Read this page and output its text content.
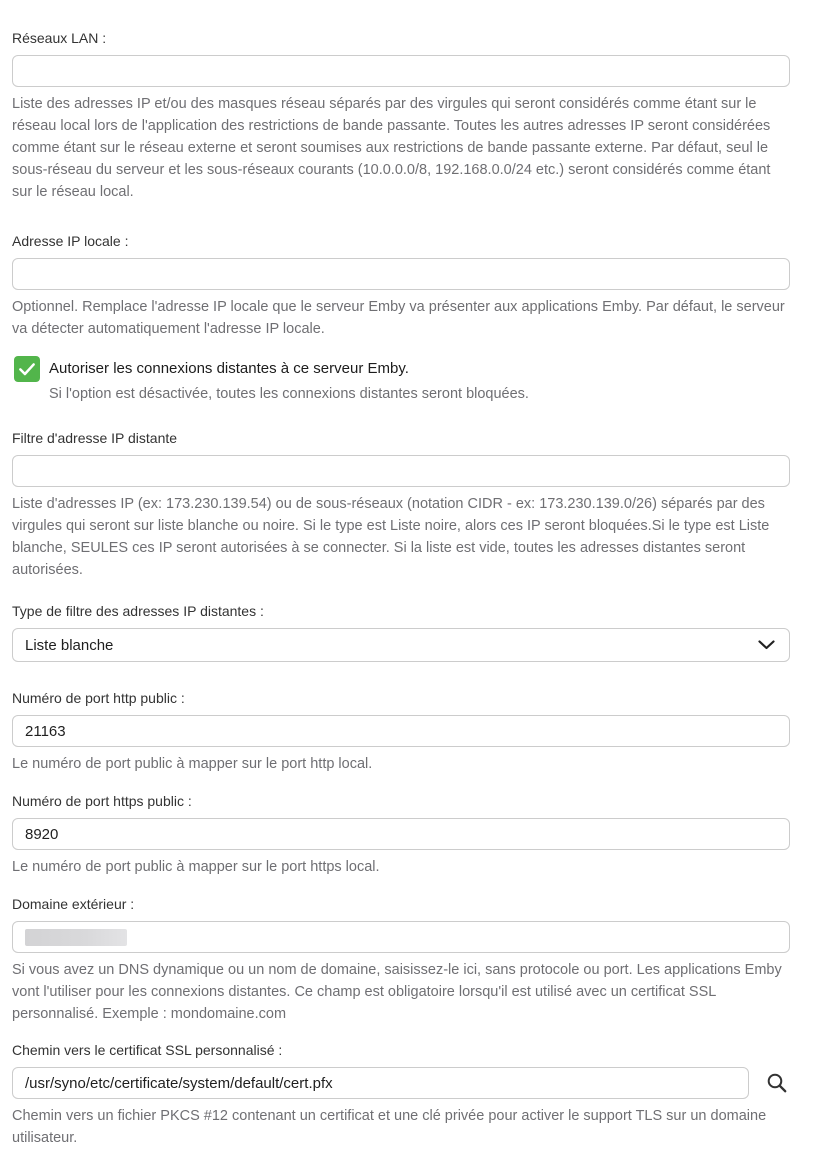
Réseaux LAN :
Liste des adresses IP et/ou des masques réseau séparés par des virgules qui seront considérés comme étant sur le réseau local lors de l'application des restrictions de bande passante. Toutes les autres adresses IP seront considérées comme étant sur le réseau externe et seront soumises aux restrictions de bande passante externe. Par défaut, seul le sous-réseau du serveur et les sous-réseaux courants (10.0.0.0/8, 192.168.0.0/24 etc.) seront considérés comme étant sur le réseau local.
Adresse IP locale :
Optionnel. Remplace l'adresse IP locale que le serveur Emby va présenter aux applications Emby. Par défaut, le serveur va détecter automatiquement l'adresse IP locale.
Autoriser les connexions distantes à ce serveur Emby.
Si l'option est désactivée, toutes les connexions distantes seront bloquées.
Filtre d'adresse IP distante
Liste d'adresses IP (ex: 173.230.139.54) ou de sous-réseaux (notation CIDR - ex: 173.230.139.0/26) séparés par des virgules qui seront sur liste blanche ou noire. Si le type est Liste noire, alors ces IP seront bloquées.Si le type est Liste blanche, SEULES ces IP seront autorisées à se connecter. Si la liste est vide, toutes les adresses distantes seront autorisées.
Type de filtre des adresses IP distantes :
Liste blanche
Numéro de port http public :
21163
Le numéro de port public à mapper sur le port http local.
Numéro de port https public :
8920
Le numéro de port public à mapper sur le port https local.
Domaine extérieur :
Si vous avez un DNS dynamique ou un nom de domaine, saisissez-le ici, sans protocole ou port. Les applications Emby vont l'utiliser pour les connexions distantes. Ce champ est obligatoire lorsqu'il est utilisé avec un certificat SSL personnalisé. Exemple : mondomaine.com
Chemin vers le certificat SSL personnalisé :
/usr/syno/etc/certificate/system/default/cert.pfx
Chemin vers un fichier PKCS #12 contenant un certificat et une clé privée pour activer le support TLS sur un domaine utilisateur.
